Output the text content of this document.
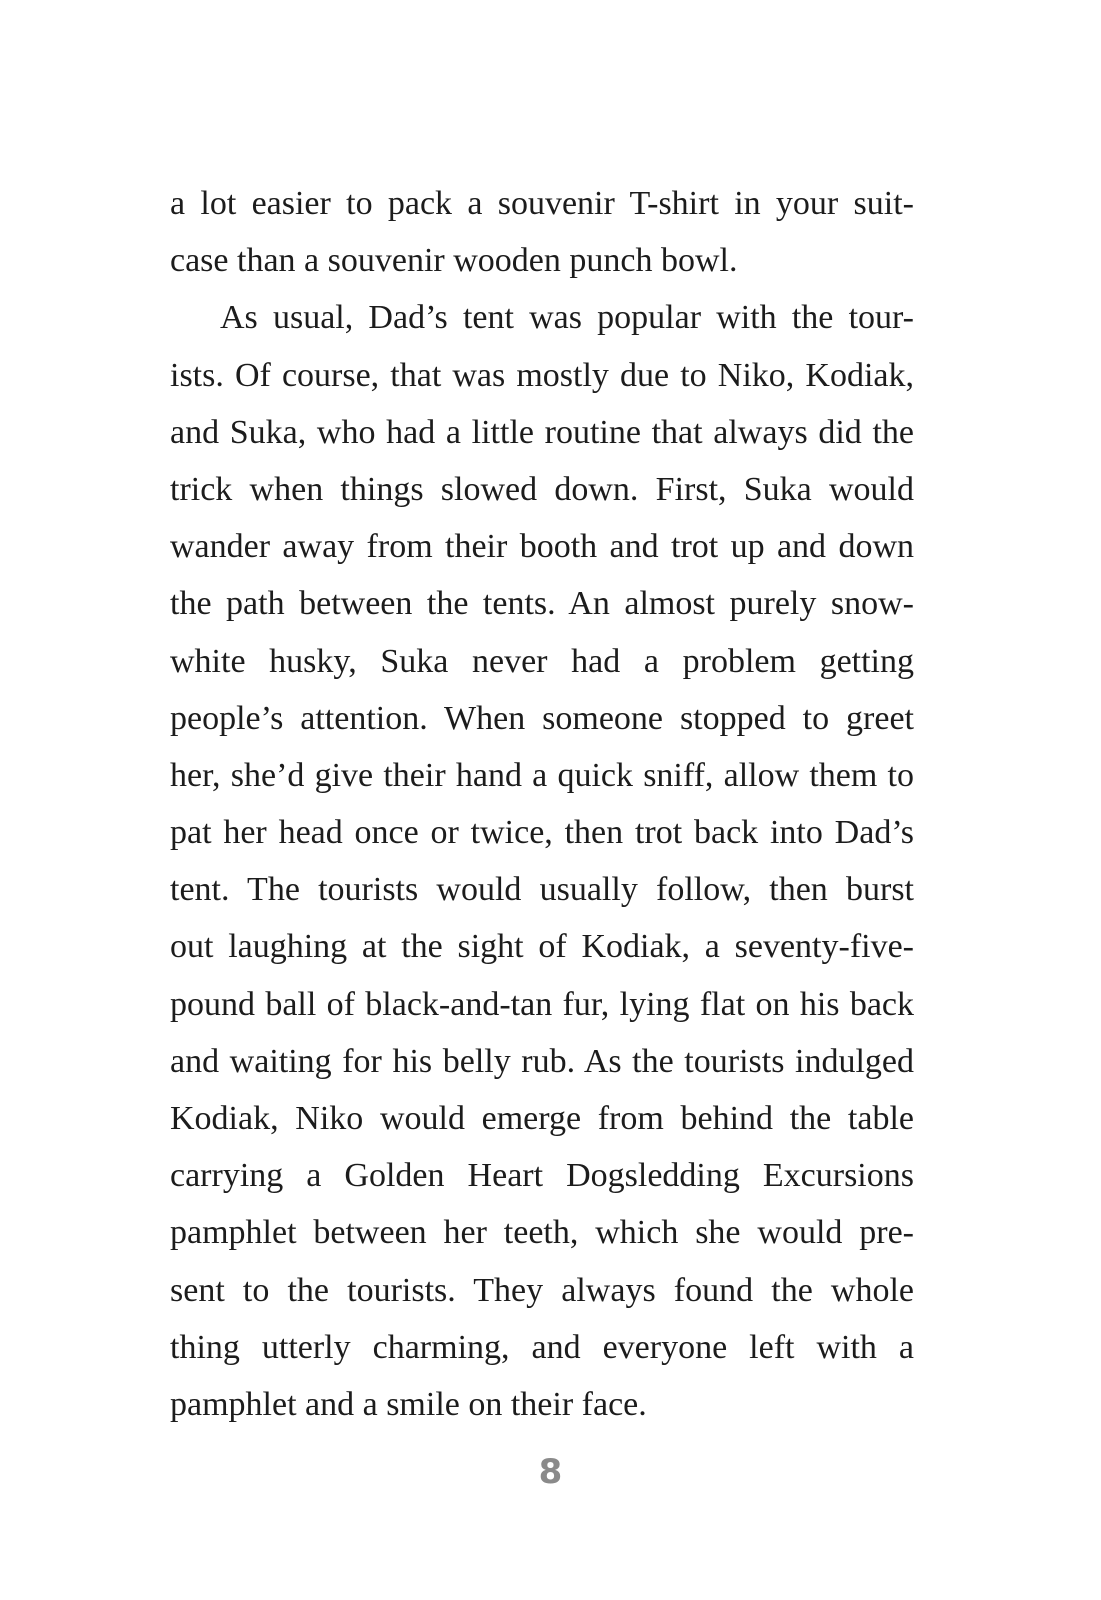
a lot easier to pack a souvenir T-shirt in your suit-
case than a souvenir wooden punch bowl.
As usual, Dad’s tent was popular with the tour-
ists. Of course, that was mostly due to Niko, Kodiak,
and Suka, who had a little routine that always did the
trick when things slowed down. First, Suka would
wander away from their booth and trot up and down
the path between the tents. An almost purely snow-
white husky, Suka never had a problem getting
people’s attention. When someone stopped to greet
her, she’d give their hand a quick sniff, allow them to
pat her head once or twice, then trot back into Dad’s
tent. The tourists would usually follow, then burst
out laughing at the sight of Kodiak, a seventy-five-
pound ball of black-and-tan fur, lying flat on his back
and waiting for his belly rub. As the tourists indulged
Kodiak, Niko would emerge from behind the table
carrying a Golden Heart Dogsledding Excursions
pamphlet between her teeth, which she would pre-
sent to the tourists. They always found the whole
thing utterly charming, and everyone left with a
pamphlet and a smile on their face.
8
